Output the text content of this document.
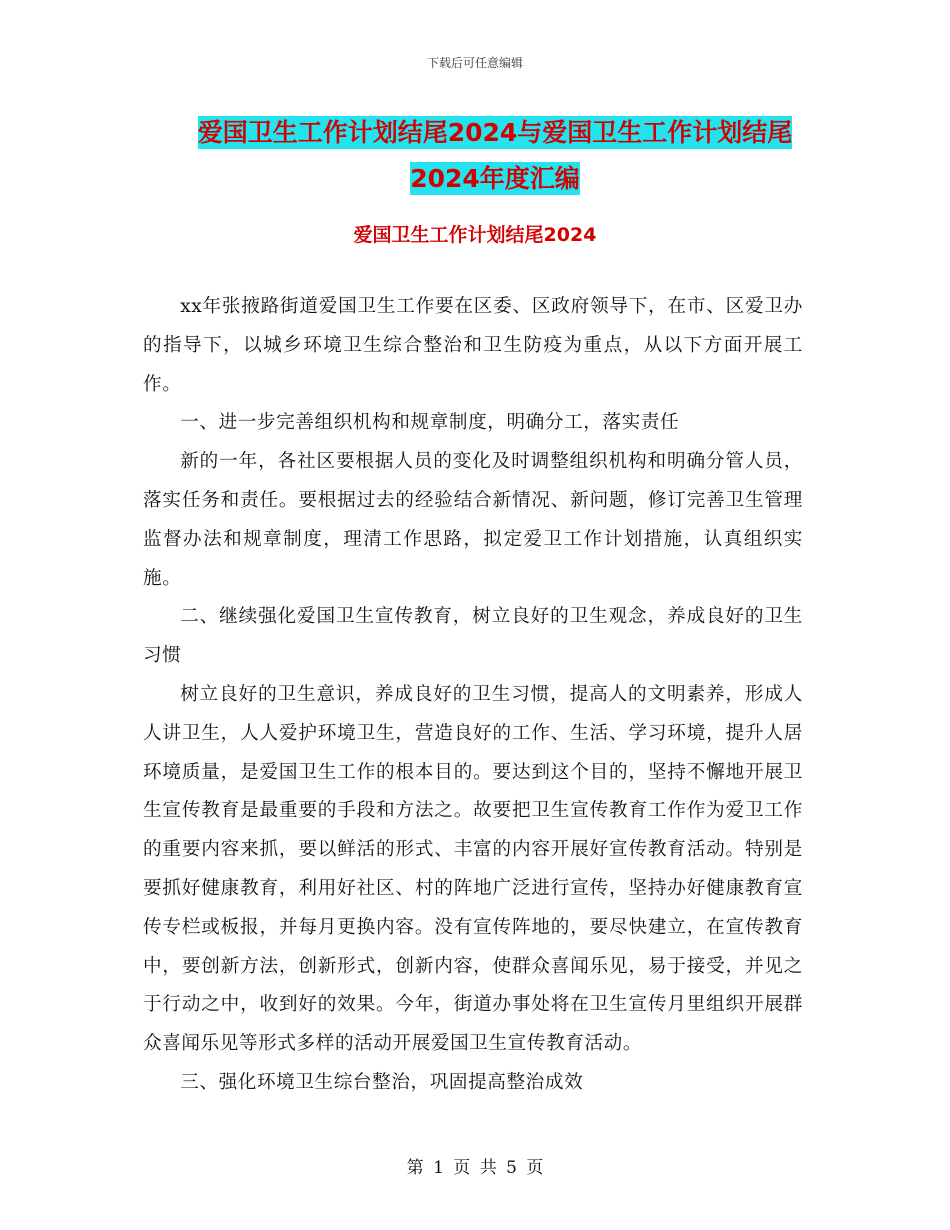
下载后可任意编辑
爱国卫生工作计划结尾2024与爱国卫生工作计划结尾
2024年度汇编
爱国卫生工作计划结尾2024

xx年张掖路街道爱国卫生工作要在区委、区政府领导下，在市、区爱卫办的指导下，以城乡环境卫生综合整治和卫生防疫为重点，从以下方面开展工作。

一、进一步完善组织机构和规章制度，明确分工，落实责任

新的一年，各社区要根据人员的变化及时调整组织机构和明确分管人员，落实任务和责任。要根据过去的经验结合新情况、新问题，修订完善卫生管理监督办法和规章制度，理清工作思路，拟定爱卫工作计划措施，认真组织实施。

二、继续强化爱国卫生宣传教育，树立良好的卫生观念，养成良好的卫生习惯

树立良好的卫生意识，养成良好的卫生习惯，提高人的文明素养，形成人人讲卫生，人人爱护环境卫生，营造良好的工作、生活、学习环境，提升人居环境质量，是爱国卫生工作的根本目的。要达到这个目的，坚持不懈地开展卫生宣传教育是最重要的手段和方法之。故要把卫生宣传教育工作作为爱卫工作的重要内容来抓，要以鲜活的形式、丰富的内容开展好宣传教育活动。特别是要抓好健康教育，利用好社区、村的阵地广泛进行宣传，坚持办好健康教育宣传专栏或板报，并每月更换内容。没有宣传阵地的，要尽快建立，在宣传教育中，要创新方法，创新形式，创新内容，使群众喜闻乐见，易于接受，并见之于行动之中，收到好的效果。今年，街道办事处将在卫生宣传月里组织开展群众喜闻乐见等形式多样的活动开展爱国卫生宣传教育活动。

三、强化环境卫生综台整治，巩固提高整治成效

第 1 页 共 5 页
